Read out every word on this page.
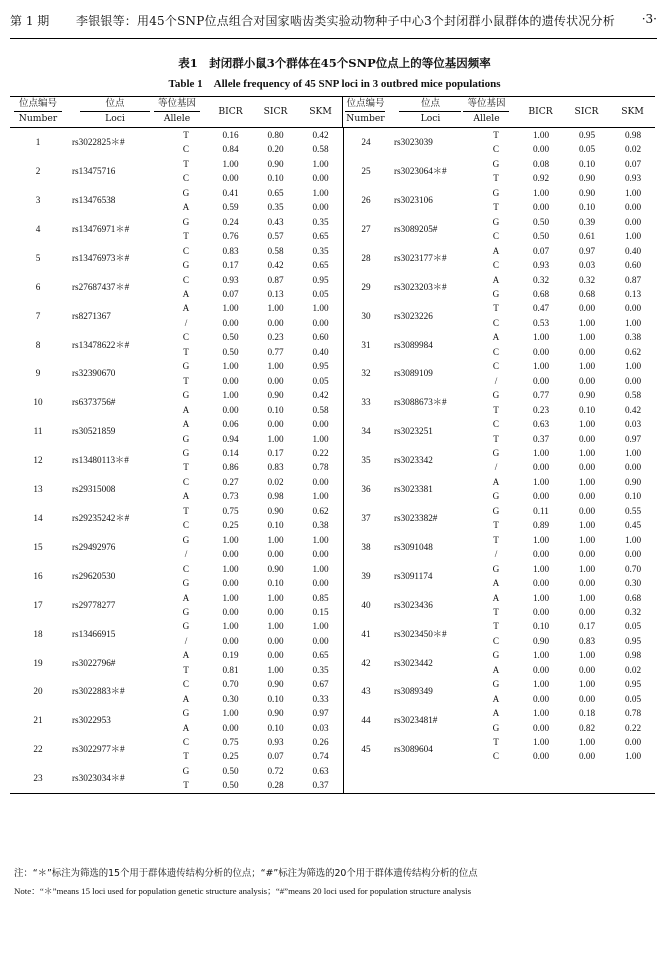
第 1 期 李银银等：用45个SNP位点组合对国家啮齿类实验动物种子中心3个封闭群小鼠群体的遗传状况分析 ·3·
表1　封闭群小鼠3个群体在45个SNP位点上的等位基因频率
Table 1　Allele frequency of 45 SNP loci in 3 outbred mice populations
位点编号
Number
位点
Loci
等位基因
Allele
BICR	SICR	SKM
位点编号
Number
位点
Loci
等位基因
Allele
BICR	SICR	SKM
1	rs3022825＊#	T	0.16	0.80	0.42
		C	0.84	0.20	0.58
2	rs13475716	T	1.00	0.90	1.00
		C	0.00	0.10	0.00
3	rs13476538	G	0.41	0.65	1.00
		A	0.59	0.35	0.00
4	rs13476971＊#	G	0.24	0.43	0.35
		T	0.76	0.57	0.65
5	rs13476973＊#	C	0.83	0.58	0.35
		G	0.17	0.42	0.65
6	rs27687437＊#	C	0.93	0.87	0.95
		A	0.07	0.13	0.05
7	rs8271367	A	1.00	1.00	1.00
		/	0.00	0.00	0.00
8	rs13478622＊#	C	0.50	0.23	0.60
		T	0.50	0.77	0.40
9	rs32390670	G	1.00	1.00	0.95
		T	0.00	0.00	0.05
10	rs6373756#	G	1.00	0.90	0.42
		A	0.00	0.10	0.58
11	rs30521859	A	0.06	0.00	0.00
		G	0.94	1.00	1.00
12	rs13480113＊#	G	0.14	0.17	0.22
		T	0.86	0.83	0.78
13	rs29315008	C	0.27	0.02	0.00
		A	0.73	0.98	1.00
14	rs29235242＊#	T	0.75	0.90	0.62
		C	0.25	0.10	0.38
15	rs29492976	G	1.00	1.00	1.00
		/	0.00	0.00	0.00
16	rs29620530	C	1.00	0.90	1.00
		G	0.00	0.10	0.00
17	rs29778277	A	1.00	1.00	0.85
		G	0.00	0.00	0.15
18	rs13466915	G	1.00	1.00	1.00
		/	0.00	0.00	0.00
19	rs3022796#	A	0.19	0.00	0.65
		T	0.81	1.00	0.35
20	rs3022883＊#	C	0.70	0.90	0.67
		A	0.30	0.10	0.33
21	rs3022953	G	1.00	0.90	0.97
		A	0.00	0.10	0.03
22	rs3022977＊#	C	0.75	0.93	0.26
		T	0.25	0.07	0.74
23	rs3023034＊#	G	0.50	0.72	0.63
		T	0.50	0.28	0.37
24	rs3023039	T	1.00	0.95	0.98
		C	0.00	0.05	0.02
25	rs3023064＊#	G	0.08	0.10	0.07
		T	0.92	0.90	0.93
26	rs3023106	G	1.00	0.90	1.00
		T	0.00	0.10	0.00
27	rs3089205#	G	0.50	0.39	0.00
		C	0.50	0.61	1.00
28	rs3023177＊#	A	0.07	0.97	0.40
		C	0.93	0.03	0.60
29	rs3023203＊#	A	0.32	0.32	0.87
		G	0.68	0.68	0.13
30	rs3023226	T	0.47	0.00	0.00
		C	0.53	1.00	1.00
31	rs3089984	A	1.00	1.00	0.38
		C	0.00	0.00	0.62
32	rs3089109	C	1.00	1.00	1.00
		/	0.00	0.00	0.00
33	rs3088673＊#	G	0.77	0.90	0.58
		T	0.23	0.10	0.42
34	rs3023251	C	0.63	1.00	0.03
		T	0.37	0.00	0.97
35	rs3023342	G	1.00	1.00	1.00
		/	0.00	0.00	0.00
36	rs3023381	A	1.00	1.00	0.90
		G	0.00	0.00	0.10
37	rs3023382#	G	0.11	0.00	0.55
		T	0.89	1.00	0.45
38	rs3091048	T	1.00	1.00	1.00
		/	0.00	0.00	0.00
39	rs3091174	G	1.00	1.00	0.70
		A	0.00	0.00	0.30
40	rs3023436	A	1.00	1.00	0.68
		T	0.00	0.00	0.32
41	rs3023450＊#	T	0.10	0.17	0.05
		C	0.90	0.83	0.95
42	rs3023442	G	1.00	1.00	0.98
		A	0.00	0.00	0.02
43	rs3089349	G	1.00	1.00	0.95
		A	0.00	0.00	0.05
44	rs3023481#	A	1.00	0.18	0.78
		G	0.00	0.82	0.22
45	rs3089604	T	1.00	1.00	0.00
		C	0.00	0.00	1.00
注：“＊”标注为筛选的15个用于群体遗传结构分析的位点；“#”标注为筛选的20个用于群体遗传结构分析的位点
Note：“＊”means 15 loci used for population genetic structure analysis；“#”means 20 loci used for population structure analysis
